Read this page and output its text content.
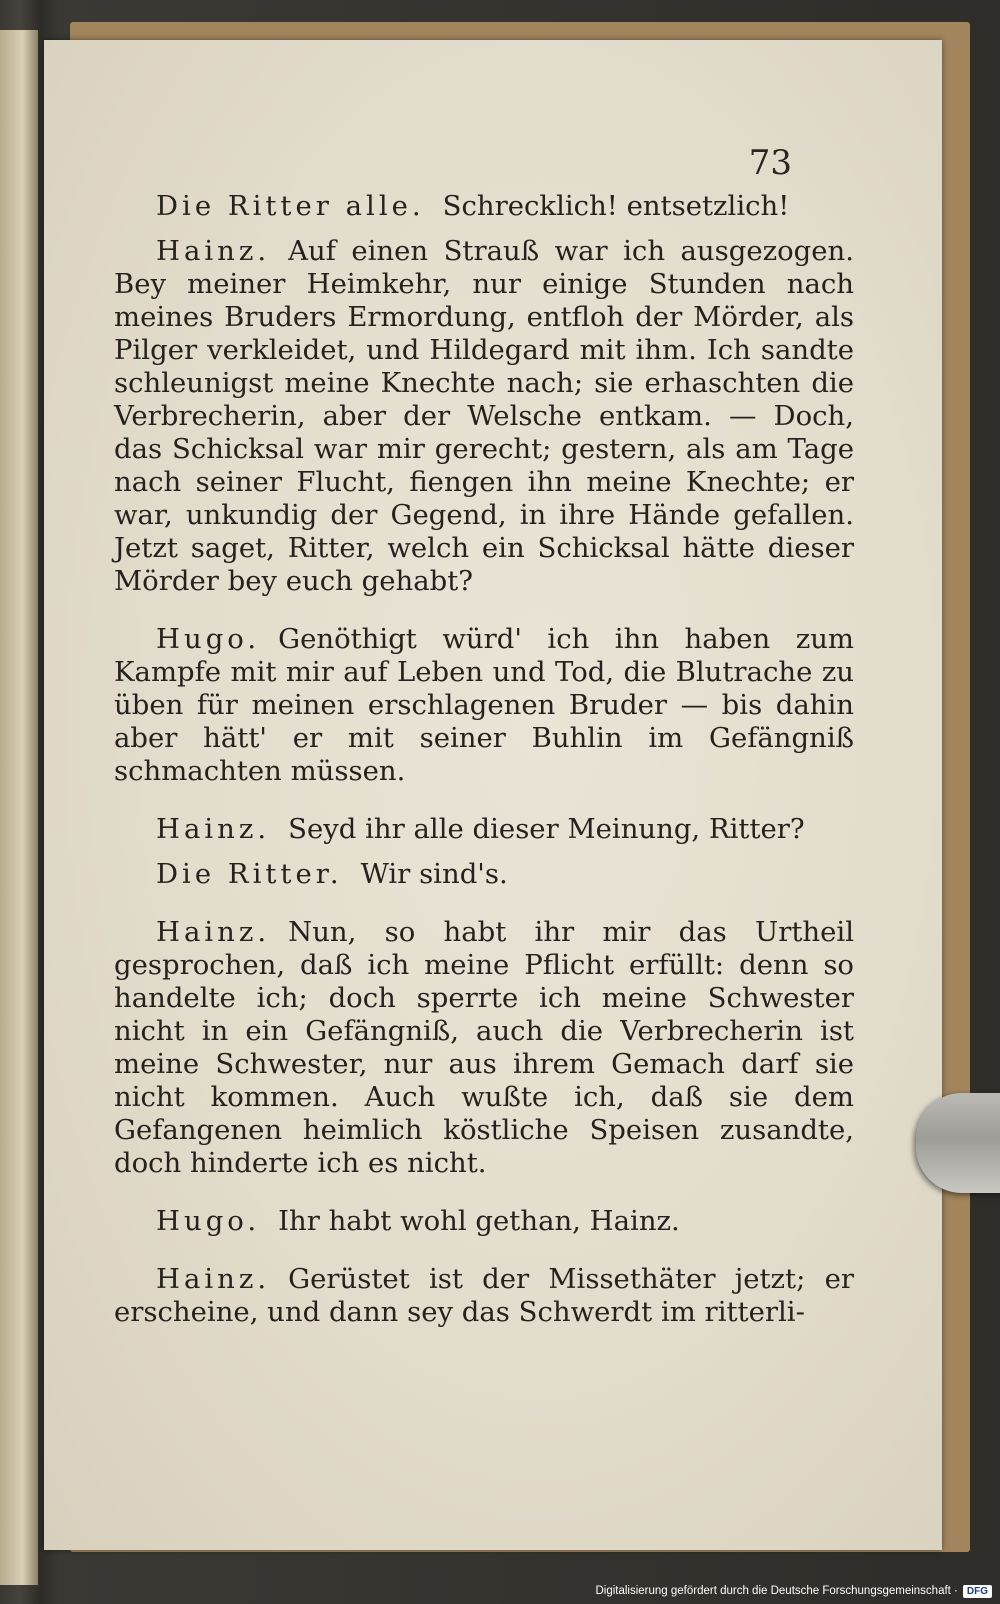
73

Die Ritter alle. Schrecklich! entsetzlich!

Hainz. Auf einen Strauß war ich ausgezogen. Bey meiner Heimkehr, nur einige Stunden nach meines Bruders Ermordung, entfloh der Mörder, als Pilger verkleidet, und Hildegard mit ihm. Ich sandte schleunigst meine Knechte nach; sie erhaschten die Verbrecherin, aber der Welsche entkam. — Doch, das Schicksal war mir gerecht; gestern, als am Tage nach seiner Flucht, fiengen ihn meine Knechte; er war, unkundig der Gegend, in ihre Hände gefallen. Jetzt saget, Ritter, welch ein Schicksal hätte dieser Mörder bey euch gehabt?

Hugo. Genöthigt würd' ich ihn haben zum Kampfe mit mir auf Leben und Tod, die Blutrache zu üben für meinen erschlagenen Bruder — bis dahin aber hätt' er mit seiner Buhlin im Gefängniß schmachten müssen.

Hainz. Seyd ihr alle dieser Meinung, Ritter?

Die Ritter. Wir sind's.

Hainz. Nun, so habt ihr mir das Urtheil gesprochen, daß ich meine Pflicht erfüllt: denn so handelte ich; doch sperrte ich meine Schwester nicht in ein Gefängniß, auch die Verbrecherin ist meine Schwester, nur aus ihrem Gemach darf sie nicht kommen. Auch wußte ich, daß sie dem Gefangenen heimlich köstliche Speisen zusandte, doch hinderte ich es nicht.

Hugo. Ihr habt wohl gethan, Hainz.

Hainz. Gerüstet ist der Missethäter jetzt; er erscheine, und dann sey das Schwerdt im ritterli-

Digitalisierung gefördert durch die Deutsche Forschungsgemeinschaft · DFG
